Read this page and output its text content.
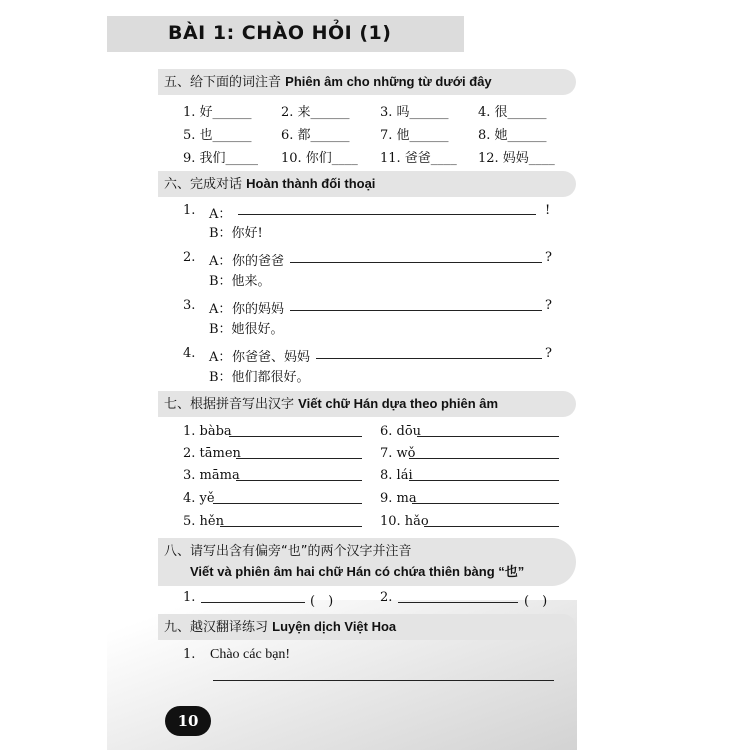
BÀI 1: CHÀO HỎI (1)
五、给下面的词注音 Phiên âm cho những từ dưới đây
1. 好______ 2. 来______ 3. 吗______ 4. 很______
5. 也______ 6. 都______ 7. 他______ 8. 她______
9. 我们_____ 10. 你们____ 11. 爸爸____ 12. 妈妈____
六、完成对话 Hoàn thành đối thoại
1. A：	!
B：你好!
2. A： 你的爸爸	?
B：他来。
3. A： 你的妈妈	?
B：她很好。
4. A： 你爸爸、妈妈	?
B：他们都很好。
七、根据拼音写出汉字 Viết chữ Hán dựa theo phiên âm
1. bàba	6. dōu
2. tāmen	7. wǒ
3. māma	8. lái
4. yě	9. ma
5. hěn	10. hǎo
八、请写出含有偏旁“也”的两个汉字并注音
Viết và phiên âm hai chữ Hán có chứa thiên bàng “也”
1.	(　)	2.	(　)
九、越汉翻译练习 Luyện dịch Việt Hoa
1. Chào các bạn!
10
